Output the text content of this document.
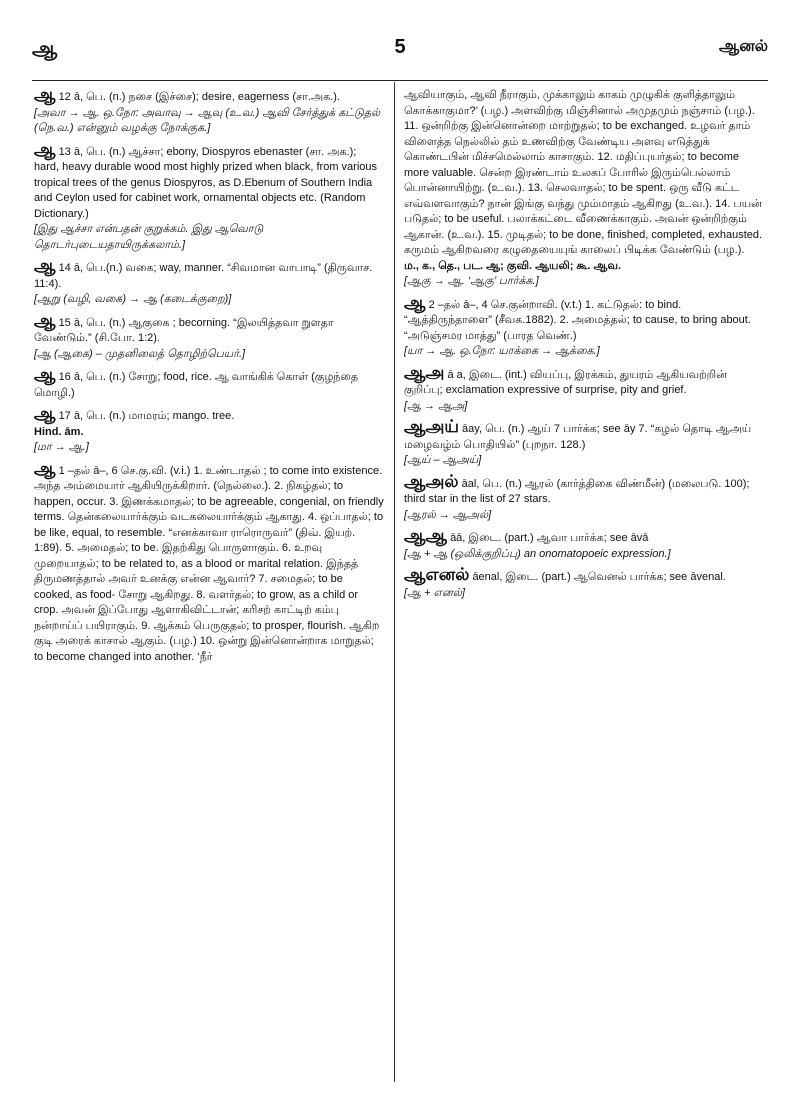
ஆ	5	ஆனல்

ஆ 12 ā, பெ. (n.) நசை (இச்சை); desire, eagerness (சா.அக.).

[அவா → ஆ. ஒ.நோ: அவாவு → ஆவு (உ.வ.) ஆவி சேர்த்துக் கட்டுதல் (நெ.வ.) என்னும் வழக்கு நோக்குக.]

ஆ 13 ā, பெ. (n.) ஆச்சா; ebony, Diospyros ebenaster (சா. அக.); hard, heavy durable wood most highly prized when black, from various tropical trees of the genus Diospyros, as D.Ebenum of Southern India and Ceylon used for cabinet work, ornamental objects etc. (Random Dictionary.)

[இது ஆச்சா என்பதன் குறுக்கம். இது ஆவொடு தொடர்புடையதாயிருக்கலாம்.]

ஆ 14 ā, பெ.(n.) வகை; way, manner. “சிவமான வாபாடி” (திருவாச. 11:4).

[ஆறு (வழி, வகை) → ஆ (கடைக்குறை)]

ஆ 15 ā, பெ. (n.) ஆகுகை ; becorning. “இலயித்தவா றுளதா வேண்டும்.” (சி.போ. 1:2).

[ஆ (ஆகை) – முதனிலைத் தொழிற்பெயர்.]

ஆ 16 ā, பெ. (n.) சோறு; food, rice. ஆ வாங்கிக் கொள் (குழந்தை மொழி.)

ஆ 17 ā, பெ. (n.) மாமரம்; mango. tree.

Hind. ām.

[மா → ஆ.]

ஆ 1 –தல் ā–, 6 செ.கு.வி. (v.i.) 1. உண்டாதல் ; to come into existence. அந்த அம்மையார் ஆகியிருக்கிறார். (நெல்லை.). 2. நிகழ்தல்; to happen, occur. 3. இணக்கமாதல்; to be agreeable, congenial, on friendly terms. தென்கலையார்க்கும் வடகலையார்க்கும் ஆகாது. 4. ஒப்பாதல்; to be like, equal, to resemble. “எனக்காவா ராரொருவர்” (திவ். இயற். 1:89). 5. அமைதல்; to be. இதற்கிது பொருளாகும். 6. உறவு முறையாதல்; to be related to, as a blood or marital relation. இந்தத் திருமணத்தால் அவர் உனக்கு என்ன ஆவார்? 7. சமைதல்; to be cooked, as food- சோறு ஆகிறது. 8. வளர்தல்; to grow, as a child or crop. அவன் இப்போது ஆளாகிவிட்டான்; கரிசற் காட்டிற் கம்பு நன்றாய்ப் பயிராகும். 9. ஆக்கம் பெருகுதல்; to prosper, flourish. ஆகிற குடி அரைக் காசால் ஆகும். (பழ.) 10. ஒன்று இன்னொன்றாக மாறுதல்; to become changed into another. ‘நீர்

ஆவியாகும், ஆவி நீராகும், முக்காலும் காகம் முழுகிக் குளித்தாலும் கொக்காகுமா?’ (பழ.) அளவிற்கு மிஞ்சினால் அமுதமும் நஞ்சாம் (பழ.). 11. ஒன்றிற்கு இன்னொன்றை மாற்றுதல்; to be exchanged. உழவர் தாம் விளைத்த நெல்லில் தம் உணவிற்கு வேண்டிய அளவு எடுத்துக் கொண்டபின் மிச்சமெல்லாம் காசாகும். 12. மதிப்புயர்தல்; to become more valuable. சென்ற இரண்டாம் உலகப் போரில் இரும்பெல்லாம் பொன்னாயிற்று. (உ.வ.). 13. செலவாதல்; to be spent. ஒரு வீடு கட்ட எவ்வளவாகும்? நான் இங்கு வந்து மும்மாதம் ஆகிறது (உ.வ.). 14. பயன் படுதல்; to be useful. பலாக்கட்டை வீணைக்காகும். அவன் ஒன்றிற்கும் ஆகான். (உ.வ.). 15. முடிதல்; to be done, finished, completed, exhausted. கருமம் ஆகிறவரை கழுதையையுங் காலைப் பிடிக்க வேண்டும் (பழ.).

ம., க., தெ., பட. ஆ; குவி. ஆயலி; கூ. ஆவ.

[ஆகு → ஆ. ‘ஆகு’ பார்க்க.]

ஆ 2 –தல் ā–, 4 செ.குன்றாவி. (v.t.) 1. கட்டுதல்: to bind. “ஆத்திருந்தாளை” (சீவக.1882). 2. அமைத்தல்; to cause, to bring about. “அடுஞ்சமர மாத்து” (பாரத வெண்.)

[யா → ஆ. ஒ.நோ: யாக்கை → ஆக்கை.]

ஆஅ ā a, இடை. (int.) வியப்பு, இரக்கம், துயரம் ஆகியவற்றின் குறிப்பு; exclamation expressive of surprise, pity and grief.

[ஆ → ஆஅ]

ஆஅய் āay, பெ. (n.) ஆய் 7 பார்க்க; see āy 7. “கழல் தொடி ஆஅய் மழைவழ்ம் பொதியில்” (புறநா. 128.)

[ஆய் – ஆஅய்]

ஆஅல் āal, பெ. (n.) ஆரல் (கார்த்திகை விண்மீன்) (மலைபடு. 100); third star in the list of 27 stars.

[ஆரல் → ஆஅல்]

ஆஆ āā, இடை. (part.) ஆவா பார்க்க; see āvā

[ஆ + ஆ (ஒலிக்குறிப்பு) an onomatopoeic expression.]

ஆஎனல் āenal, இடை. (part.) ஆவெனல் பார்க்க; see āvenal.

[ஆ + எனல்]
